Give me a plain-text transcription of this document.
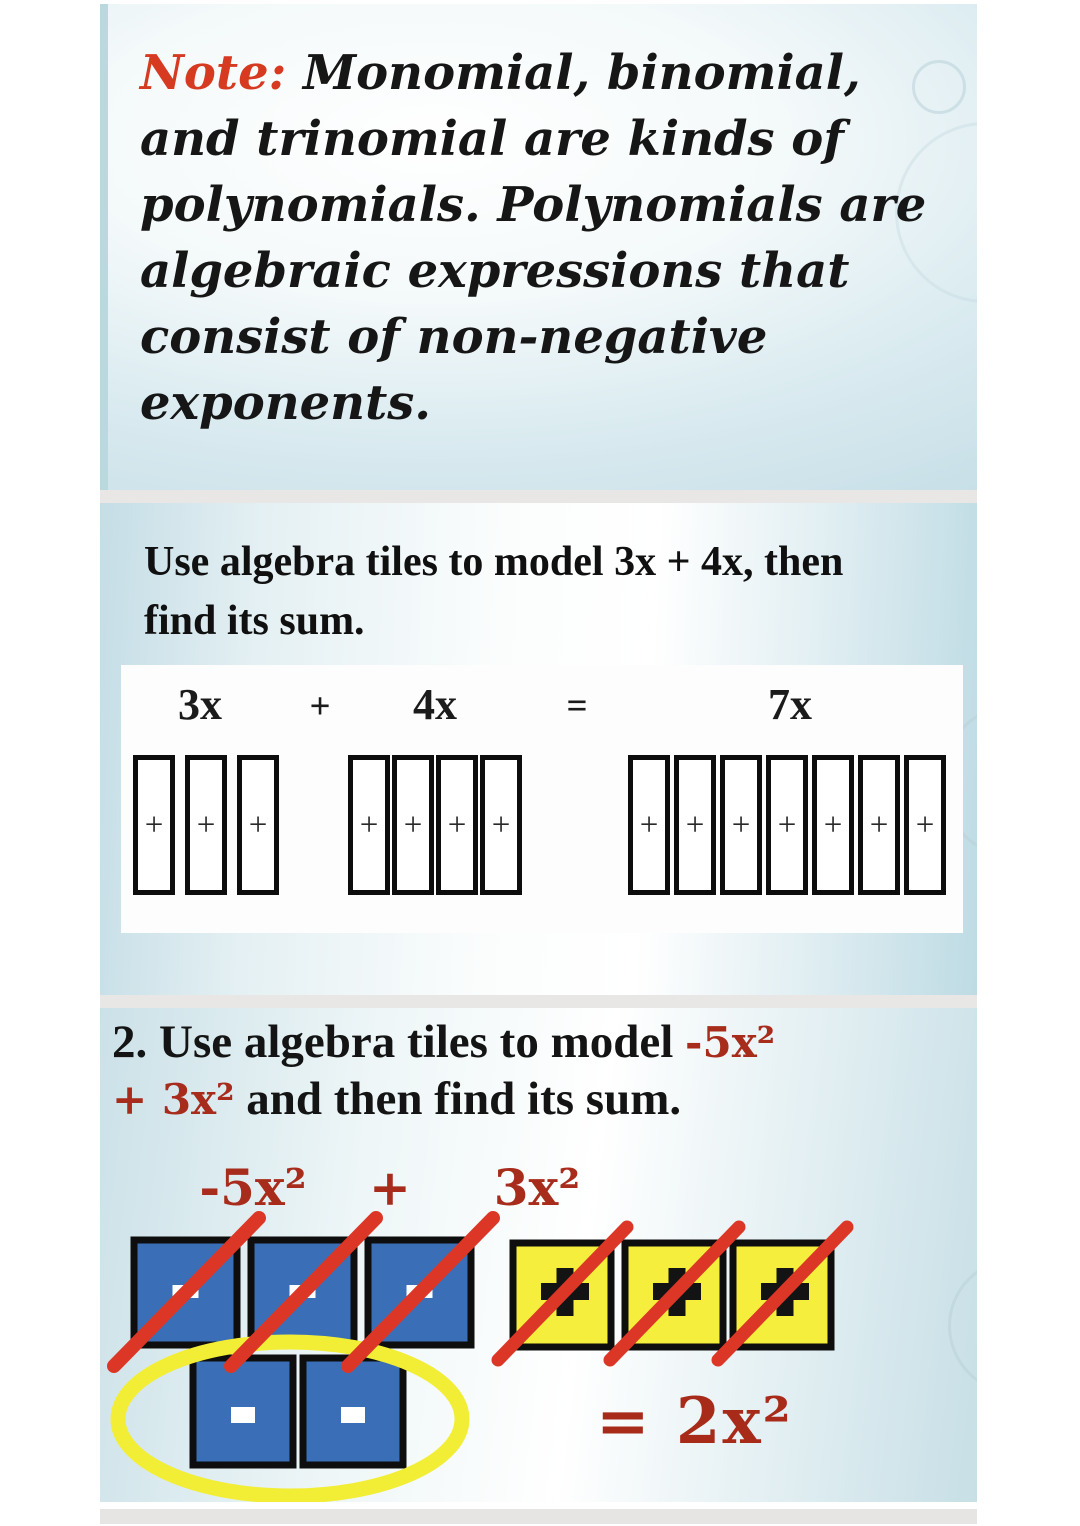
Note: Monomial, binomial,
and trinomial are kinds of
polynomials. Polynomials are
algebraic expressions that
consist of non-negative
exponents.
Use algebra tiles to model 3x + 4x, then
find its sum.
3x + 4x	=	7x
+ + +	+ + + +	+ + + + + + +
2. Use algebra tiles to model -5x²
+ 3x² and then find its sum.
-5x² + 3x²
= 2x²
